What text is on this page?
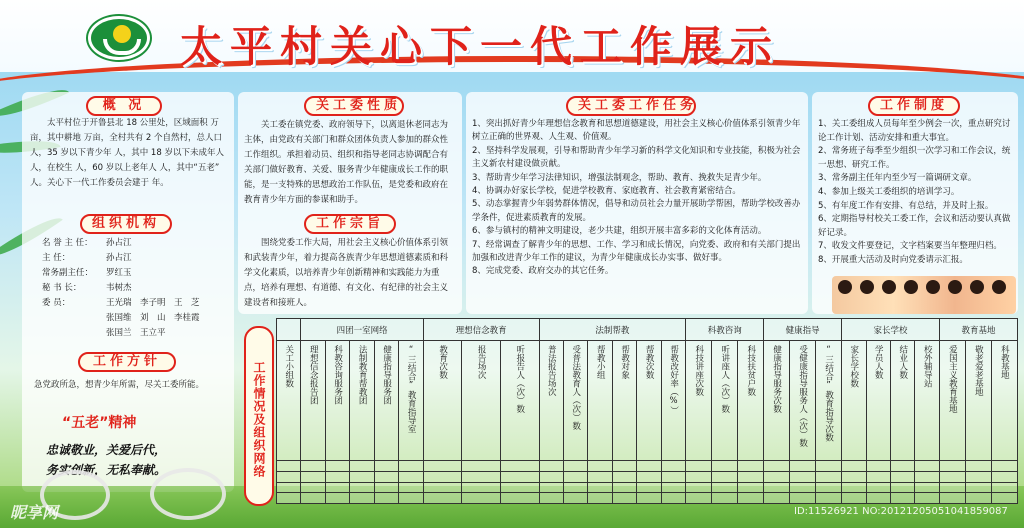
太平村关心下一代工作展示
概 况

太平村位于开鲁县北 18 公里处，区域面积 万亩，其中耕地 万亩，全村共有 2 个自然村，总人口 人，35 岁以下青少年 人，其中 18 岁以下未成年人 人，在校生 人，60 岁以上老年人 人，其中“五老” 人。关心下一代工作委员会建于 年。

组织机构
名 誉 主 任：	孙占江
主 任：	孙占江
常务副主任：	罗红玉
秘 书 长：	韦树杰
委 员：	王光瑞　李子明　王　芝
张国维　刘　山　李桂霞
张国兰　王立平
工作方针
急党政所急，想青少年所需，尽关工委所能。
“五老”精神
忠诚敬业，关爱后代，
务实创新，无私奉献。
关工委性质

关工委在镇党委、政府领导下，以离退休老同志为主体，由党政有关部门和群众团体负责人参加的群众性工作组织。承担着动员、组织和指导老同志协调配合有关部门做好教育、关爱、服务青少年健康成长工作的职能，是一支特殊的思想政治工作队伍，是党委和政府在教育青少年方面的参谋和助手。

工作宗旨

围绕党委工作大局，用社会主义核心价值体系引领和武装青少年，着力提高各族青少年思想道德素质和科学文化素质，以培养青少年创新精神和实践能力为重点，培养有理想、有道德、有文化、有纪律的社会主义建设者和接班人。

关工委工作任务
1、突出抓好青少年理想信念教育和思想道德建设，用社会主义核心价值体系引领青少年树立正确的世界观、人生观、价值观。
2、坚持科学发展观，引导和帮助青少年学习新的科学文化知识和专业技能，积极为社会主义新农村建设做贡献。
3、帮助青少年学习法律知识，增强法制观念，帮助、教育、挽救失足青少年。
4、协调办好家长学校，促进学校教育、家庭教育、社会教育紧密结合。
5、动态掌握青少年弱势群体情况，倡导和动员社会力量开展助学帮困，帮助学校改善办学条件，促进素质教育的发展。
6、参与镇村的精神文明建设，老少共建，组织开展丰富多彩的文化体育活动。
7、经常调查了解青少年的思想、工作、学习和成长情况，向党委、政府和有关部门提出加强和改进青少年工作的建议，为青少年健康成长办实事、做好事。
8、完成党委、政府交办的其它任务。
工作制度
1、关工委组成人员每年至少例会一次，重点研究讨论工作计划、活动安排和重大事宜。
2、常务班子每季至少组织一次学习和工作会议，统一思想、研究工作。
3、常务副主任年内至少写一篇调研文章。
4、参加上级关工委组织的培训学习。
5、有年度工作有安排、有总结，并及时上报。
6、定期指导村校关工委工作，会议和活动要认真做好记录。
7、收发文件要登记，文字档案要当年整理归档。
8、开展重大活动及时向党委请示汇报。
工作情况及组织网络
	四团一室网络					理想信念教育			法制帮教						科教咨询			健康指导			家长学校				教育基地		
关工小组数	理想信念报告团	科教咨询服务团	法制教育帮教团	健康指导服务团	“三结合”教育指导室	教育次数	报告场次	听报告人（次）数	普法报告场次	受普法教育人（次）数	帮教小组	帮教对象	帮教次数	帮教改好率（%）	科技讲座次数	听讲座人（次）数	科技扶贫户数	健康指导服务次数	受健康指导服务人（次）数	“三结合”教育指导次数	家长学校数	学员人数	结业人数	校外辅导站	爱国主义教育基地	敬老爱老基地	科教基地

昵享网	ID:11526921 NO:20121205051041859087
